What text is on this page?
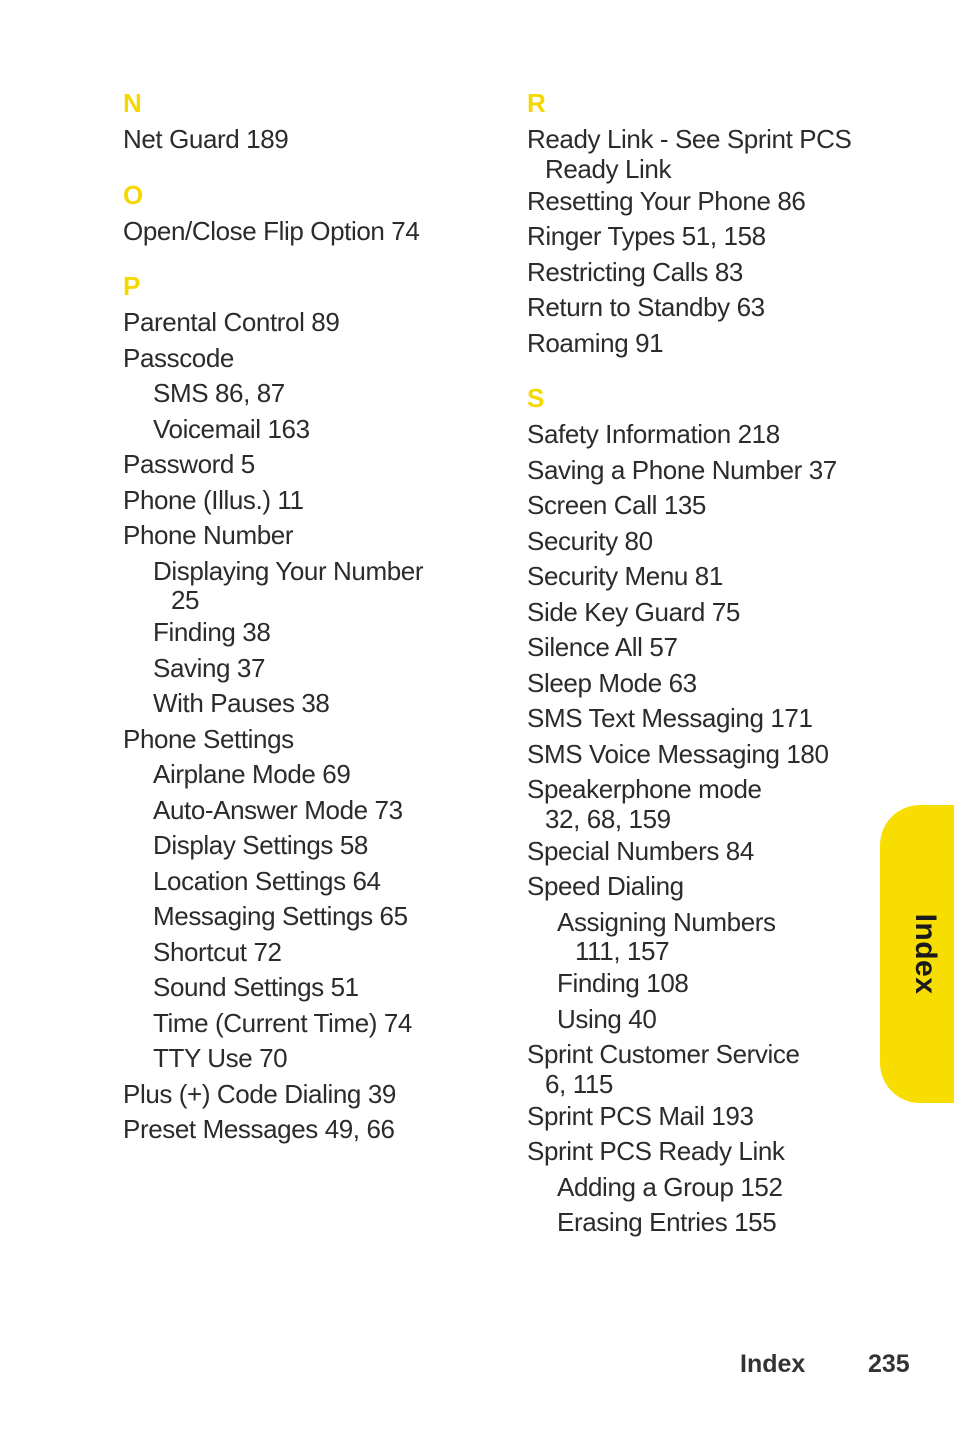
N
Net Guard 189
O
Open/Close Flip Option 74
P
Parental Control 89
Passcode
SMS 86, 87
Voicemail 163
Password 5
Phone (Illus.) 11
Phone Number
Displaying Your Number
25
Finding 38
Saving 37
With Pauses 38
Phone Settings
Airplane Mode 69
Auto-Answer Mode 73
Display Settings 58
Location Settings 64
Messaging Settings 65
Shortcut 72
Sound Settings 51
Time (Current Time) 74
TTY Use 70
Plus (+) Code Dialing 39
Preset Messages 49, 66
R
Ready Link - See Sprint PCS
Ready Link
Resetting Your Phone 86
Ringer Types 51, 158
Restricting Calls 83
Return to Standby 63
Roaming 91
S
Safety Information 218
Saving a Phone Number 37
Screen Call 135
Security 80
Security Menu 81
Side Key Guard 75
Silence All 57
Sleep Mode 63
SMS Text Messaging 171
SMS Voice Messaging 180
Speakerphone mode
32, 68, 159
Special Numbers 84
Speed Dialing
Assigning Numbers
111, 157
Finding 108
Using 40
Sprint Customer Service
6, 115
Sprint PCS Mail 193
Sprint PCS Ready Link
Adding a Group 152
Erasing Entries 155
Index
Index	235
